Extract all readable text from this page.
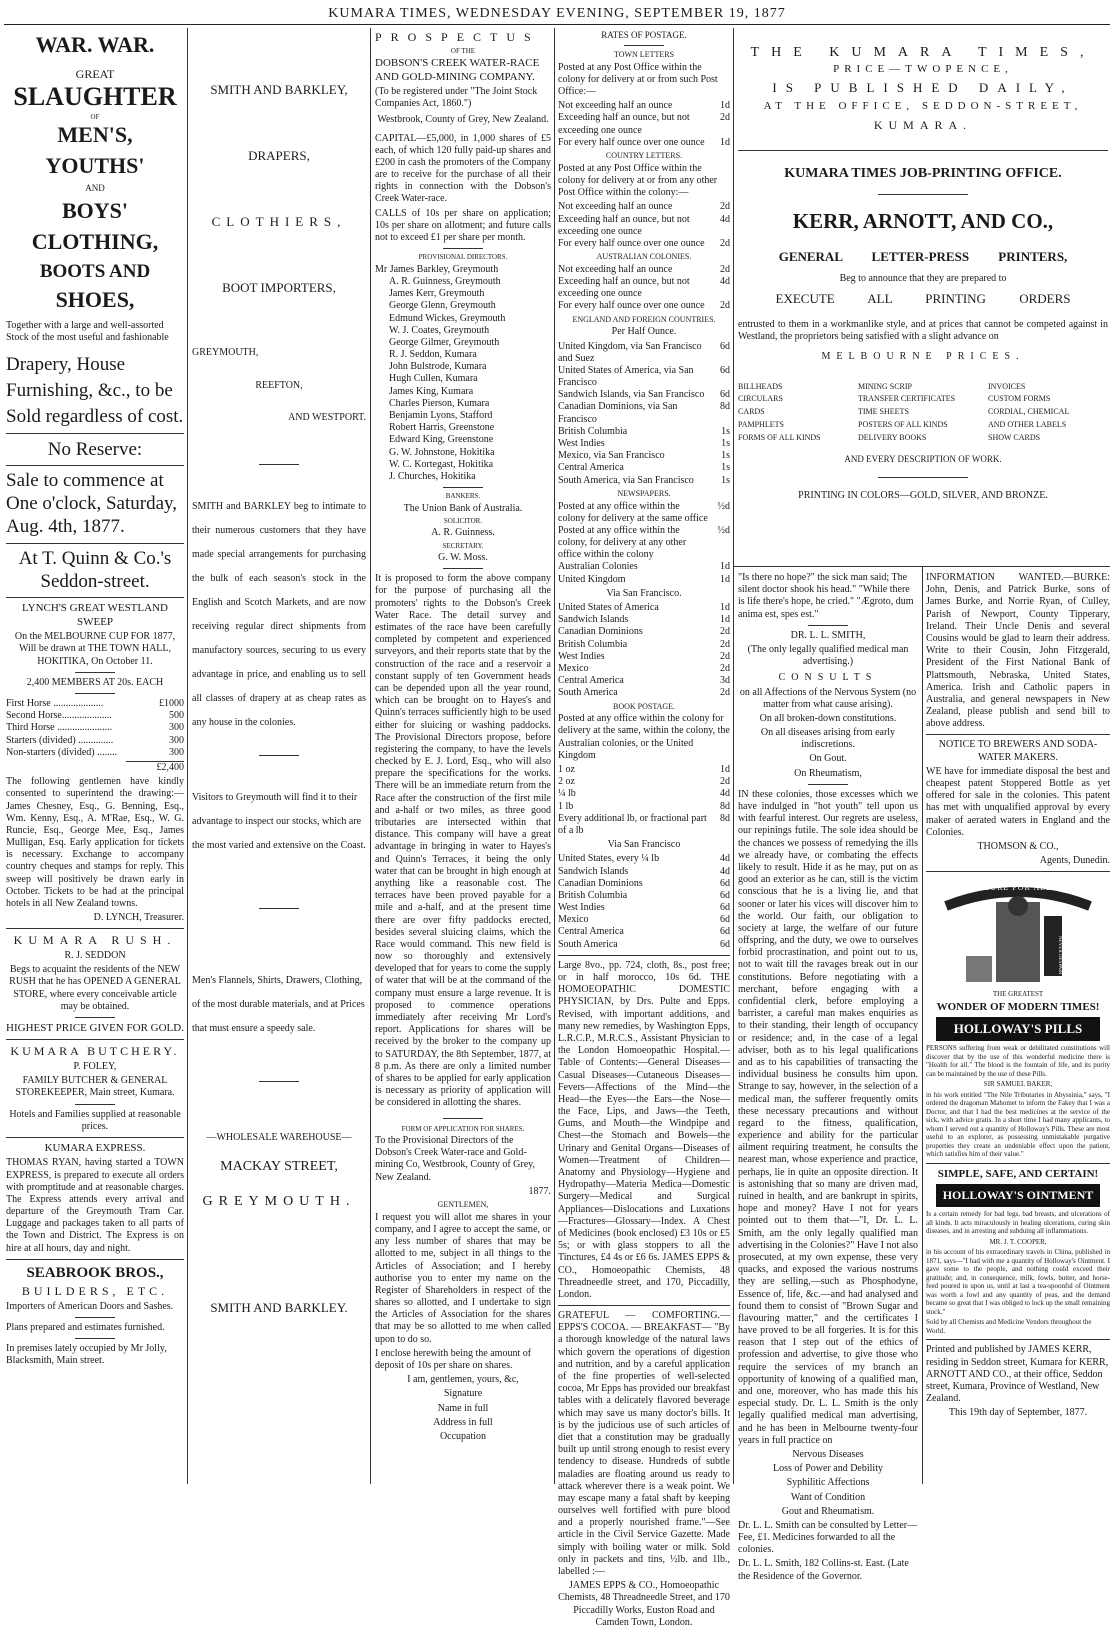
KUMARA TIMES, WEDNESDAY EVENING, SEPTEMBER 19, 1877
WAR. WAR.
GREAT
SLAUGHTER
OF
MEN'S,
YOUTHS'
AND
BOYS'
CLOTHING,
BOOTS AND
SHOES,

Together with a large and well-assorted Stock of the most useful and fashionable

Drapery, House Furnishing, &c., to be Sold regardless of cost.

No Reserve:

Sale to commence at One o'clock, Saturday, Aug. 4th, 1877.

At T. Quinn & Co.'s Seddon-street.

LYNCH'S GREAT WESTLAND SWEEP

On the MELBOURNE CUP FOR 1877, Will be drawn at THE TOWN HALL, HOKITIKA, On October 11.

2,400 MEMBERS AT 20s. EACH

First Horse ....................	£1000
Second Horse....................	500
Third Horse ......................	300
Starters (divided) ..............	300
Non-starters (divided) ........	300
£2,400

The following gentlemen have kindly consented to superintend the drawing:—James Chesney, Esq., G. Benning, Esq., Wm. Kenny, Esq., A. M'Rae, Esq., W. G. Runcie, Esq., George Mee, Esq., James Mulligan, Esq. Early application for tickets is necessary. Exchange to accompany country cheques and stamps for reply. This sweep will positively be drawn early in October. Tickets to be had at the principal hotels in all New Zealand towns.

D. LYNCH, Treasurer.

KUMARA RUSH.

R. J. SEDDON

Begs to acquaint the residents of the NEW RUSH that he has OPENED A GENERAL STORE, where every conceivable article may be obtained.

HIGHEST PRICE GIVEN FOR GOLD.

KUMARA BUTCHERY.

P. FOLEY,

FAMILY BUTCHER & GENERAL STOREKEEPER, Main street, Kumara.

Hotels and Families supplied at reasonable prices.

KUMARA EXPRESS.

THOMAS RYAN, having started a TOWN EXPRESS, is prepared to execute all orders with promptitude and at reasonable charges. The Express attends every arrival and departure of the Greymouth Tram Car. Luggage and packages taken to all parts of the Town and District. The Express is on hire at all hours, day and night.

SEABROOK BROS.,

BUILDERS, ETC.

Importers of American Doors and Sashes.

Plans prepared and estimates furnished.

In premises lately occupied by Mr Jolly, Blacksmith, Main street.

SMITH AND BARKLEY,

DRAPERS,

CLOTHIERS,

BOOT IMPORTERS,

GREYMOUTH,

REEFTON,

AND WESTPORT.

SMITH and BARKLEY beg to intimate to their numerous customers that they have made special arrangements for purchasing the bulk of each season's stock in the English and Scotch Markets, and are now receiving regular direct shipments from manufactory sources, securing to us every advantage in price, and enabling us to sell all classes of drapery at as cheap rates as any house in the colonies.

Visitors to Greymouth will find it to their advantage to inspect our stocks, which are the most varied and extensive on the Coast.

Men's Flannels, Shirts, Drawers, Clothing, of the most durable materials, and at Prices that must ensure a speedy sale.

—WHOLESALE WAREHOUSE—

MACKAY STREET,

GREYMOUTH.

SMITH AND BARKLEY.

PROSPECTUS

OF THE

DOBSON'S CREEK WATER-RACE AND GOLD-MINING COMPANY.

(To be registered under "The Joint Stock Companies Act, 1860.")

Westbrook, County of Grey, New Zealand.

CAPITAL—£5,000, in 1,000 shares of £5 each, of which 120 fully paid-up shares and £200 in cash the promoters of the Company are to receive for the purchase of all their rights in connection with the Dobson's Creek Water-race.

CALLS of 10s per share on application; 10s per share on allotment; and future calls not to exceed £1 per share per month.

PROVISIONAL DIRECTORS.

Mr James Barkley, Greymouth
A. R. Guinness, Greymouth
James Kerr, Greymouth
George Glenn, Greymouth
Edmund Wickes, Greymouth
W. J. Coates, Greymouth
George Gilmer, Greymouth
R. J. Seddon, Kumara
John Bulstrode, Kumara
Hugh Cullen, Kumara
James King, Kumara
Charles Pierson, Kumara
Benjamin Lyons, Stafford
Robert Harris, Greenstone
Edward King, Greenstone
G. W. Johnstone, Hokitika
W. C. Kortegast, Hokitika
J. Churches, Hokitika

BANKERS.

The Union Bank of Australia.

SOLICITOR.

A. R. Guinness.

SECRETARY.

G. W. Moss.

It is proposed to form the above company for the purpose of purchasing all the promoters' rights to the Dobson's Creek Water Race. The detail survey and estimates of the race have been carefully completed by competent and experienced surveyors, and their reports state that by the construction of the race and a reservoir a constant supply of ten Government heads can be depended upon all the year round, which can be brought on to Hayes's and Quinn's terraces sufficiently high to be used either for sluicing or washing paddocks. The Provisional Directors propose, before registering the company, to have the levels checked by E. J. Lord, Esq., who will also prepare the specifications for the works. There will be an immediate return from the Race after the construction of the first mile and a-half or two miles, as three good tributaries are intersected within that distance. This company will have a great advantage in bringing in water to Hayes's and Quinn's Terraces, it being the only water that can be brought in high enough at anything like a reasonable cost. The terraces have been proved payable for a mile and a-half, and at the present time there are over fifty paddocks erected, besides several sluicing claims, which the Race would command. This new field is now so thoroughly and extensively developed that for years to come the supply of water that will be at the command of the company must ensure a large revenue. It is proposed to commence operations immediately after receiving Mr Lord's report. Applications for shares will be received by the broker to the company up to SATURDAY, the 8th September, 1877, at 8 p.m. As there are only a limited number of shares to be applied for early application is necessary as priority of application will be considered in allotting the shares.

FORM OF APPLICATION FOR SHARES.

To the Provisional Directors of the Dobson's Creek Water-race and Gold-mining Co, Westbrook, County of Grey, New Zealand.

1877.

GENTLEMEN,

I request you will allot me shares in your company, and I agree to accept the same, or any less number of shares that may be allotted to me, subject in all things to the Articles of Association; and I hereby authorise you to enter my name on the Register of Shareholders in respect of the shares so allotted, and I undertake to sign the Articles of Association for the shares that may be so allotted to me when called upon to do so.

I enclose herewith being the amount of deposit of 10s per share on shares.

I am, gentlemen, yours, &c,

Signature

Name in full

Address in full

Occupation

RATES OF POSTAGE.

TOWN LETTERS

Posted at any Post Office within the colony for delivery at or from such Post Office:—

Not exceeding half an ounce	1d
Exceeding half an ounce, but not exceeding one ounce
2d
For every half ounce over one ounce 1d

COUNTRY LETTERS.

Posted at any Post Office within the colony for delivery at or from any other Post Office within the colony:—

Not exceeding half an ounce	2d
Exceeding half an ounce, but not exceeding one ounce
4d
For every half ounce over one ounce 2d

AUSTRALIAN COLONIES.

Not exceeding half an ounce	2d
Exceeding half an ounce, but not exceeding one ounce
4d
For every half ounce over one ounce 2d

ENGLAND AND FOREIGN COUNTRIES.

Per Half Ounce.

United Kingdom, via San Francisco and Suez
6d
United States of America, via San Francisco
6d
Sandwich Islands, via San Francisco 6d
Canadian Dominions, via San Francisco
8d
British Columbia	1s
West Indies	1s
Mexico, via San Francisco	1s
Central America	1s
South America, via San Francisco	1s

NEWSPAPERS.

Posted at any office within the colony for delivery at the same office
½d
Posted at any office within the colony, for delivery at any other office within the colony
½d
Australian Colonies	1d
United Kingdom	1d

Via San Francisco.

United States of America	1d
Sandwich Islands	1d
Canadian Dominions	2d
British Columbia	2d
West Indies	2d
Mexico	2d
Central America	3d
South America	2d

BOOK POSTAGE.

Posted at any office within the colony for delivery at the same, within the colony, the Australian colonies, or the United Kingdom

1 oz	1d
2 oz	2d
¼ lb	4d
1 lb	8d
Every additional lb, or fractional part of a lb
8d

Via San Francisco

United States, every ¼ lb	4d
Sandwich Islands	4d
Canadian Dominions	6d
British Columbia	6d
West Indies	6d
Mexico	6d
Central America	6d
South America	6d

Large 8vo., pp. 724, cloth, 8s., post free; or in half morocco, 10s 6d. THE HOMOEOPATHIC DOMESTIC PHYSICIAN, by Drs. Pulte and Epps. Revised, with important additions, and many new remedies, by Washington Epps, L.R.C.P., M.R.C.S., Assistant Physician to the London Homoeopathic Hospital.—Table of Contents:—General Diseases—Casual Diseases—Cutaneous Diseases—Fevers—Affections of the Mind—the Head—the Eyes—the Ears—the Nose—the Face, Lips, and Jaws—the Teeth, Gums, and Mouth—the Windpipe and Chest—the Stomach and Bowels—the Urinary and Genital Organs—Diseases of Women—Treatment of Children—Anatomy and Physiology—Hygiene and Hydropathy—Materia Medica—Domestic Surgery—Medical and Surgical Appliances—Dislocations and Luxations—Fractures—Glossary—Index. A Chest of Medicines (book enclosed) £3 10s or £5 5s; or with glass stoppers to all the Tinctures, £4 4s or £6 6s. JAMES EPPS & CO., Homoeopathic Chemists, 48 Threadneedle street, and 170, Piccadilly, London.

GRATEFUL — COMFORTING.— EPPS'S COCOA. — BREAKFAST— "By a thorough knowledge of the natural laws which govern the operations of digestion and nutrition, and by a careful application of the fine properties of well-selected cocoa, Mr Epps has provided our breakfast tables with a delicately flavored beverage which may save us many doctor's bills. It is by the judicious use of such articles of diet that a constitution may be gradually built up until strong enough to resist every tendency to disease. Hundreds of subtle maladies are floating around us ready to attack wherever there is a weak point. We may escape many a fatal shaft by keeping ourselves well fortified with pure blood and a properly nourished frame."—See article in the Civil Service Gazette. Made simply with boiling water or milk. Sold only in packets and tins, ½lb. and 1lb., labelled :—

JAMES EPPS & CO., Homoeopathic Chemists, 48 Threadneedle Street, and 170 Piccadilly Works, Euston Road and Camden Town, London.

THE KUMARA TIMES,

PRICE—TWOPENCE,

IS PUBLISHED DAILY,

AT THE OFFICE, SEDDON-STREET,

KUMARA.

KUMARA TIMES JOB-PRINTING OFFICE.

KERR, ARNOTT, AND CO.,

GENERAL LETTER-PRESS PRINTERS,

Beg to announce that they are prepared to

EXECUTE ALL PRINTING ORDERS

entrusted to them in a workmanlike style, and at prices that cannot be competed against in Westland, the proprietors being satisfied with a slight advance on

MELBOURNE PRICES.

BILLHEADS	MINING SCRIP	INVOICES
CIRCULARS	TRANSFER CERTIFICATES	CUSTOM FORMS
CARDS	TIME SHEETS	CORDIAL, CHEMICAL
PAMPHLETS	POSTERS OF ALL KINDS	AND OTHER LABELS
FORMS OF ALL KINDS	DELIVERY BOOKS	SHOW CARDS

AND EVERY DESCRIPTION OF WORK.

PRINTING IN COLORS—GOLD, SILVER, AND BRONZE.

"Is there no hope?" the sick man said; The silent doctor shook his head." "While there is life there's hope, he cried." "Ægroto, dum anima est, spes est."

DR. L. L. SMITH,

(The only legally qualified medical man advertising.)

CONSULTS

on all Affections of the Nervous System (no matter from what cause arising).

On all broken-down constitutions.

On all diseases arising from early indiscretions.

On Gout.

On Rheumatism,

IN these colonies, those excesses which we have indulged in "hot youth" tell upon us with fearful interest. Our regrets are useless, our repinings futile. The sole idea should be the chances we possess of remedying the ills we already have, or combating the effects likely to result. Hide it as he may, put on as good an exterior as he can, still is the victim conscious that he is a living lie, and that sooner or later his vices will discover him to the world. Our faith, our obligation to society at large, the welfare of our future offspring, and the duty, we owe to ourselves forbid procrastination, and point out to us, not to wait till the ravages break out in our constitutions. Before negotiating with a merchant, before engaging with a confidential clerk, before employing a barrister, a careful man makes enquiries as to their standing, their length of occupancy or residence; and, in the case of a legal adviser, both as to his legal qualifications and as to his capabilities of transacting the individual business he consults him upon. Strange to say, however, in the selection of a medical man, the sufferer frequently omits these necessary precautions and without regard to the fitness, qualification, experience and ability for the particular ailment requiring treatment, he consults the nearest man, whose experience and practice, perhaps, lie in quite an opposite direction. It is astonishing that so many are driven mad, ruined in health, and are bankrupt in spirits, hope and money? Have I not for years pointed out to them that—"I, Dr. L. L. Smith, am the only legally qualified man advertising in the Colonies?" Have I not also prosecuted, at my own expense, these very quacks, and exposed the various nostrums they are selling,—such as Phosphodyne, Essence of, life, &c.—and had analysed and found them to consist of "Brown Sugar and flavouring matter," and the certificates I have proved to be all forgeries. It is for this reason that I step out of the ethics of profession and advertise, to give those who require the services of my branch an opportunity of knowing of a qualified man, and one, moreover, who has made this his especial study. Dr. L. L. Smith is the only legally qualified medical man advertising, and he has been in Melbourne twenty-four years in full practice on

Nervous Diseases

Loss of Power and Debility

Syphilitic Affections

Want of Condition

Gout and Rheumatism.

Dr. L. L. Smith can be consulted by Letter—Fee, £1. Medicines forwarded to all the colonies.

Dr. L. L. Smith, 182 Collins-st. East. (Late the Residence of the Governor.

INFORMATION WANTED.—BURKE: John, Denis, and Patrick Burke, sons of James Burke, and Norrie Ryan, of Culley, Parish of Newport, County Tipperary, Ireland. Their Uncle Denis and several Cousins would be glad to learn their address. Write to their Cousin, John Fitzgerald, President of the First National Bank of Plattsmouth, Nebraska, United States, America. Irish and Catholic papers in Australia, and general newspapers in New Zealand, please publish and send bill to above address.

NOTICE TO BREWERS AND SODA-WATER MAKERS.

WE have for immediate disposal the best and cheapest patent Stoppered Bottle as yet offered for sale in the colonies. This patent has met with unqualified approval by every maker of aerated waters in England and the Colonies.

THOMSON & CO.,

Agents, Dunedin.

CURE FOR ALL
NEVER DESPAIR

THE GREATEST

WONDER OF MODERN TIMES!

HOLLOWAY'S PILLS

PERSONS suffering from weak or debilitated constitutions will discover that by the use of this wonderful medicine there is "Health for all." The blood is the fountain of life, and its purity can be maintained by the use of these Pills.

SIR SAMUEL BAKER,

in his work entitled "The Nile Tributaries in Abyssinia," says, "I ordered the dragoman Mahomet to inform the Fakey that I was a Doctor, and that I had the best medicines at the service of the sick, with advice gratis. In a short time I had many applicants, to whom I served out a quantity of Holloway's Pills. These are most useful to an explorer, as possessing unmistakable purgative properties they create an undeniable effect upon the patient, which satisfies him of their value."

SIMPLE, SAFE, AND CERTAIN!

HOLLOWAY'S OINTMENT

Is a certain remedy for bad legs, bad breasts, and ulcerations of all kinds. It acts miraculously in healing ulcerations, curing skin diseases, and in arresting and subduing all inflammations.

MR. J. T. COOPER,

in his account of his extraordinary travels in China, published in 1871, says—"I had with me a quantity of Holloway's Ointment. I gave some to the people, and nothing could exceed their gratitude; and, in consequence, milk, fowls, butter, and horse-feed poured in upon us, until at last a tea-spoonful of Ointment was worth a fowl and any quantity of peas, and the demand became so great that I was obliged to lock up the small remaining stock."

Sold by all Chemists and Medicine Vendors throughout the World.

Printed and published by JAMES KERR, residing in Seddon street, Kumara for KERR, ARNOTT AND CO., at their office, Seddon street, Kumara, Province of Westland, New Zealand.

This 19th day of September, 1877.
